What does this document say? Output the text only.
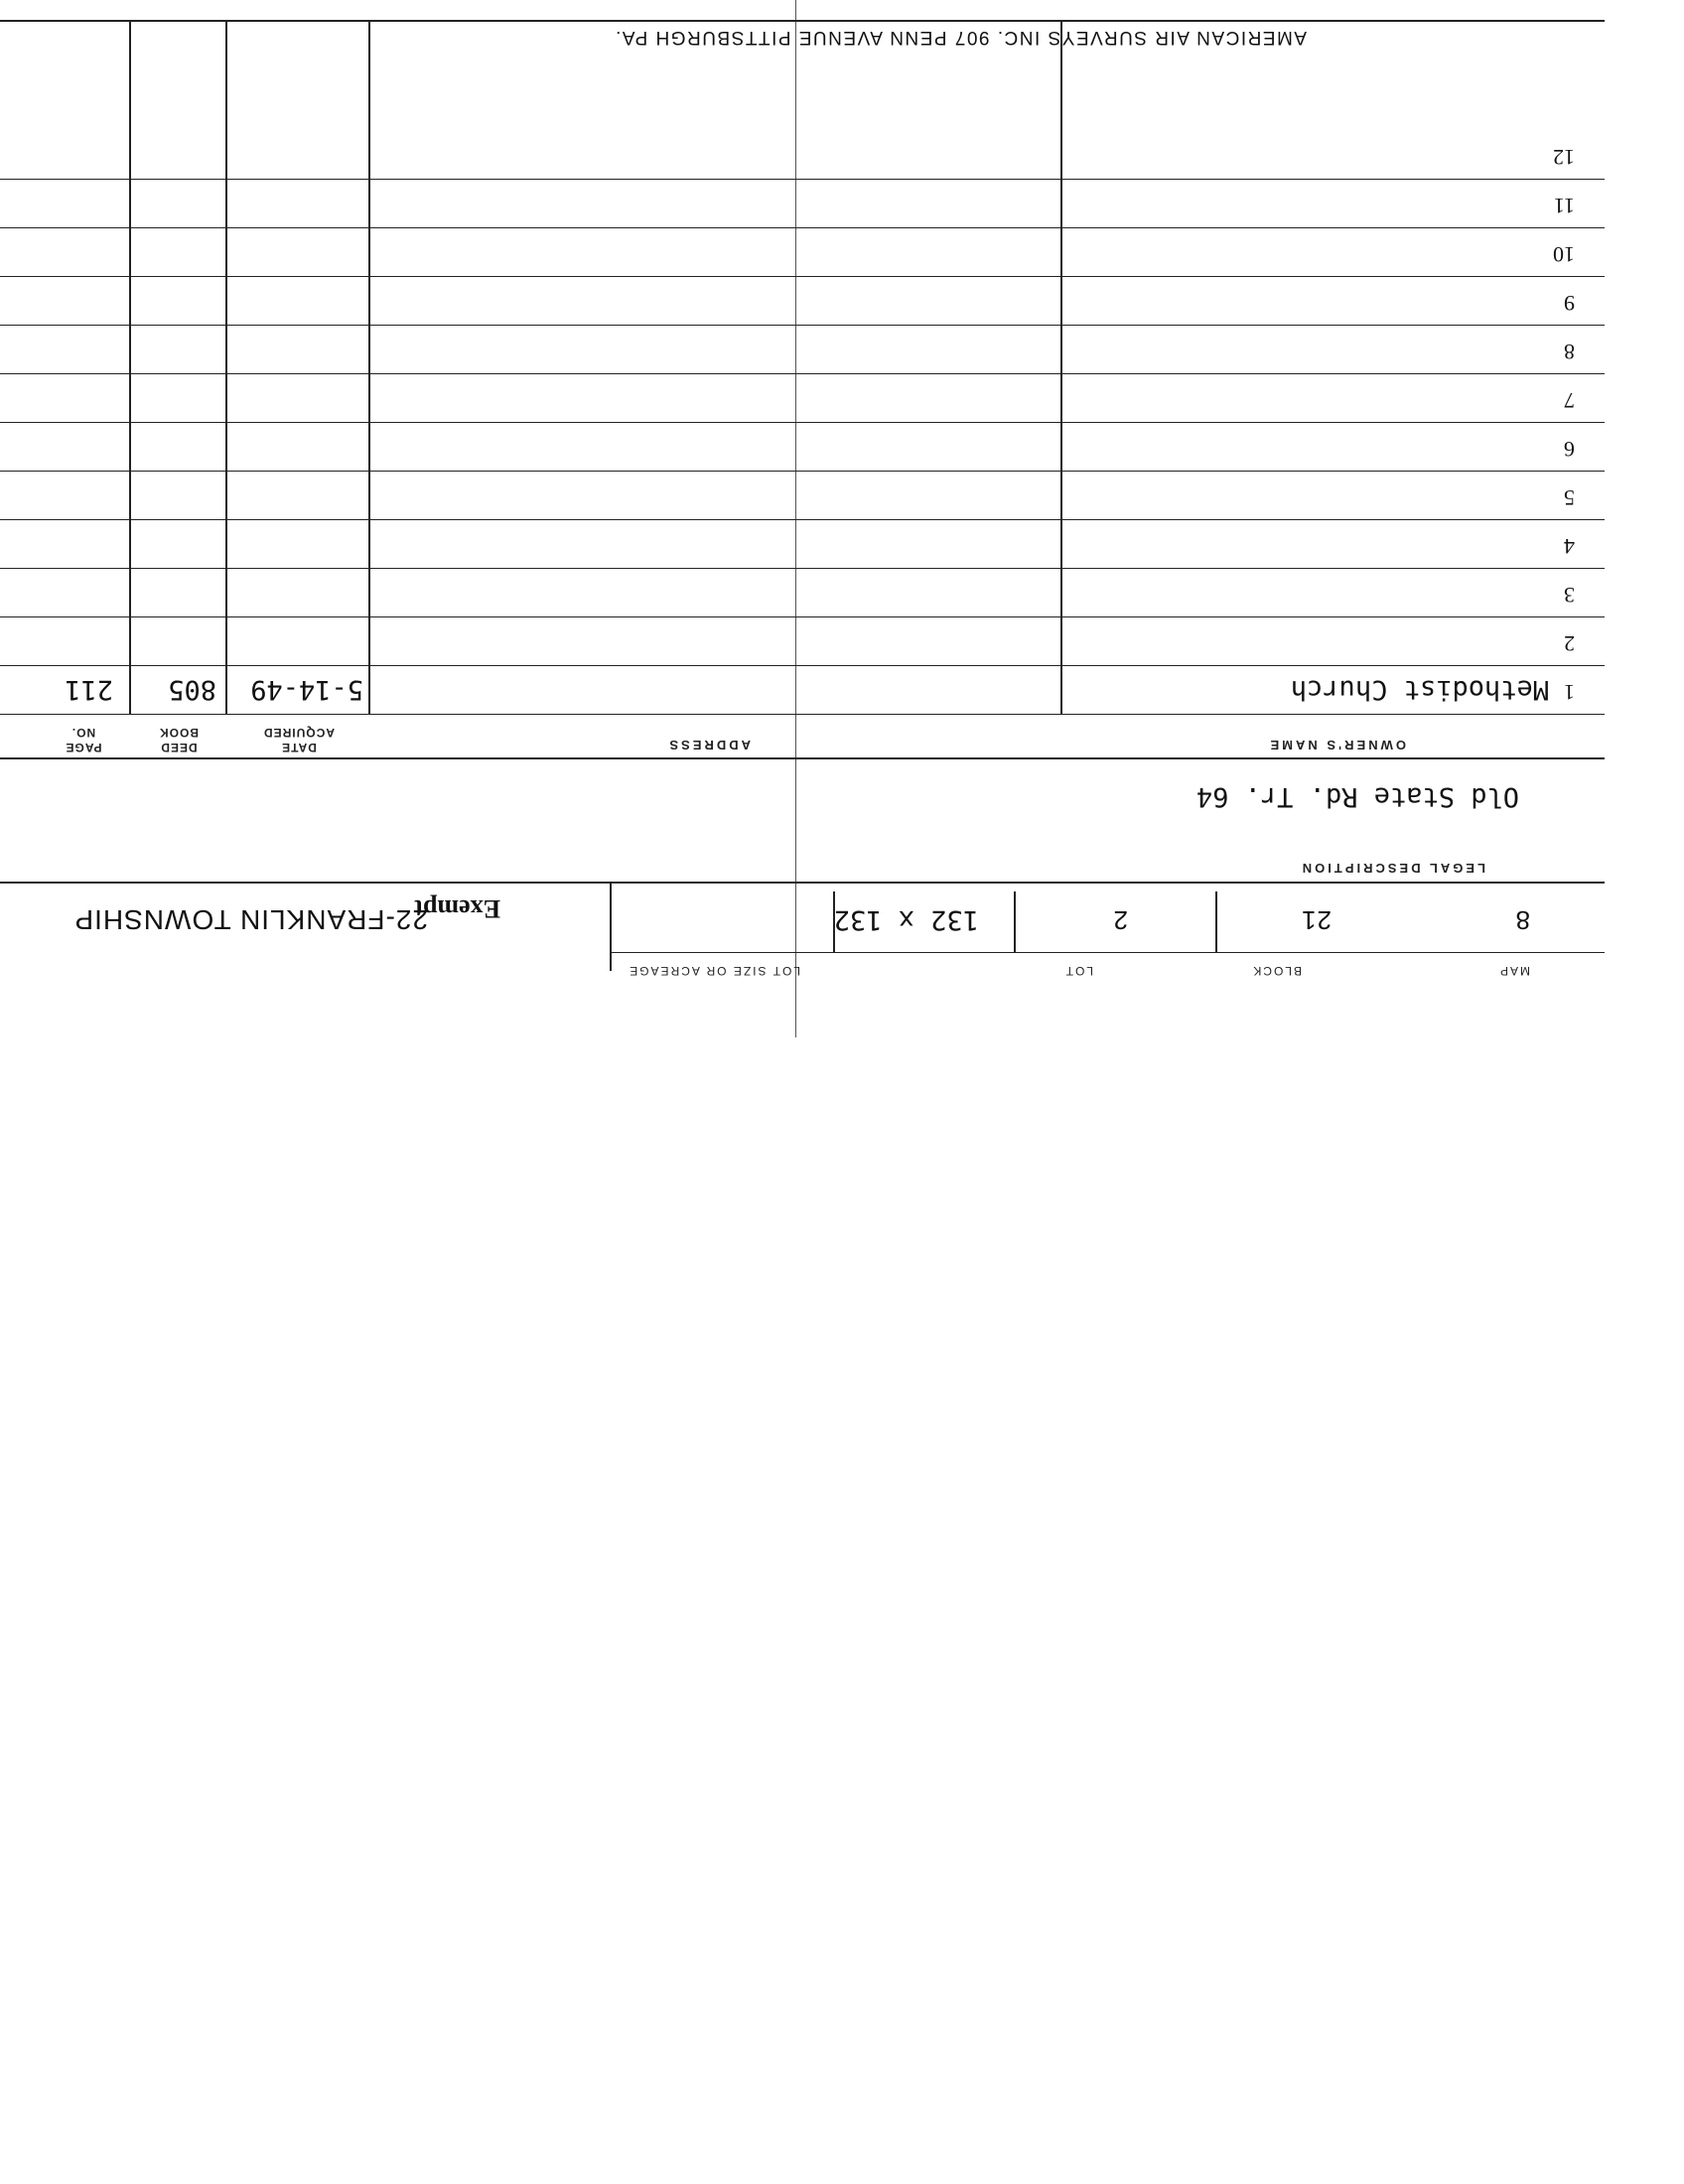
MAP
BLOCK
LOT
LOT SIZE OR ACREAGE
8
21
2
132 x 132
Exempt
22-FRANKLIN TOWNSHIP
LEGAL DESCRIPTION
Old State Rd. Tr. 64
OWNER'S NAME
ADDRESS
DATE
ACQUIRED
DEED
BOOK
PAGE
NO.
1
Methodist Church
5-14-49
805
211
2
3
4
5
6
7
8
9
10
11
12
AMERICAN AIR SURVEYS INC. 907 PENN AVENUE PITTSBURGH PA.
